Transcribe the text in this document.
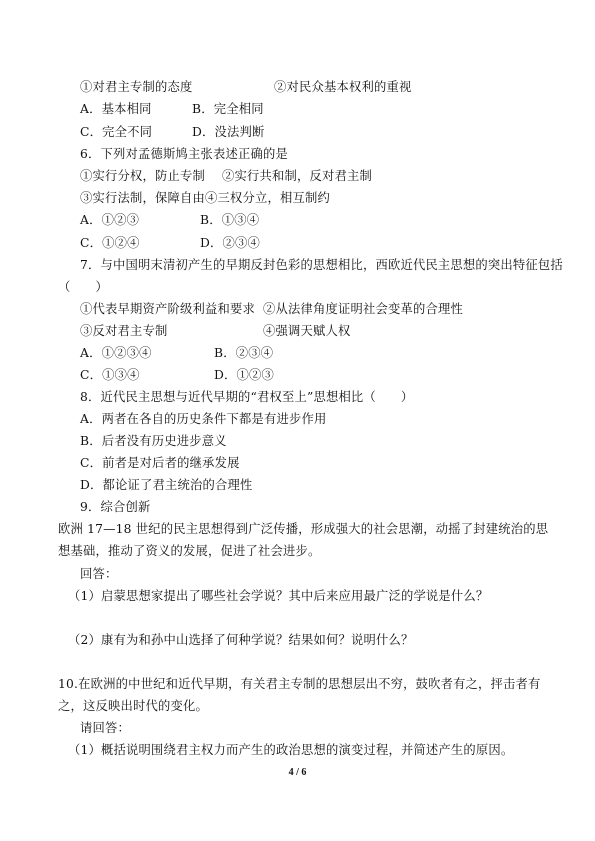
①对君主专制的态度	②对民众基本权利的重视
A．基本相同	B．完全相同
C．完全不同	D．没法判断
6．下列对孟德斯鸠主张表述正确的是
①实行分权，防止专制 ②实行共和制，反对君主制
③实行法制，保障自由④三权分立，相互制约
A．①②③	B．①③④
C．①②④	D．②③④
7．与中国明末清初产生的早期反封色彩的思想相比，西欧近代民主思想的突出特征包括
（　　）
①代表早期资产阶级利益和要求 ②从法律角度证明社会变革的合理性
③反对君主专制	④强调天赋人权
A．①②③④	B．②③④
C．①③④	D．①②③
8．近代民主思想与近代早期的“君权至上”思想相比（　　）
A．两者在各自的历史条件下都是有进步作用
B．后者没有历史进步意义
C．前者是对后者的继承发展
D．都论证了君主统治的合理性
9．综合创新
欧洲 17—18 世纪的民主思想得到广泛传播，形成强大的社会思潮，动摇了封建统治的思
想基础，推动了资义的发展，促进了社会进步。
回答：
（1）启蒙思想家提出了哪些社会学说？其中后来应用最广泛的学说是什么？
（2）康有为和孙中山选择了何种学说？结果如何？说明什么？
10.在欧洲的中世纪和近代早期，有关君主专制的思想层出不穷，鼓吹者有之，抨击者有
之，这反映出时代的变化。
请回答：
（1）概括说明围绕君主权力而产生的政治思想的演变过程，并简述产生的原因。
4 / 6
